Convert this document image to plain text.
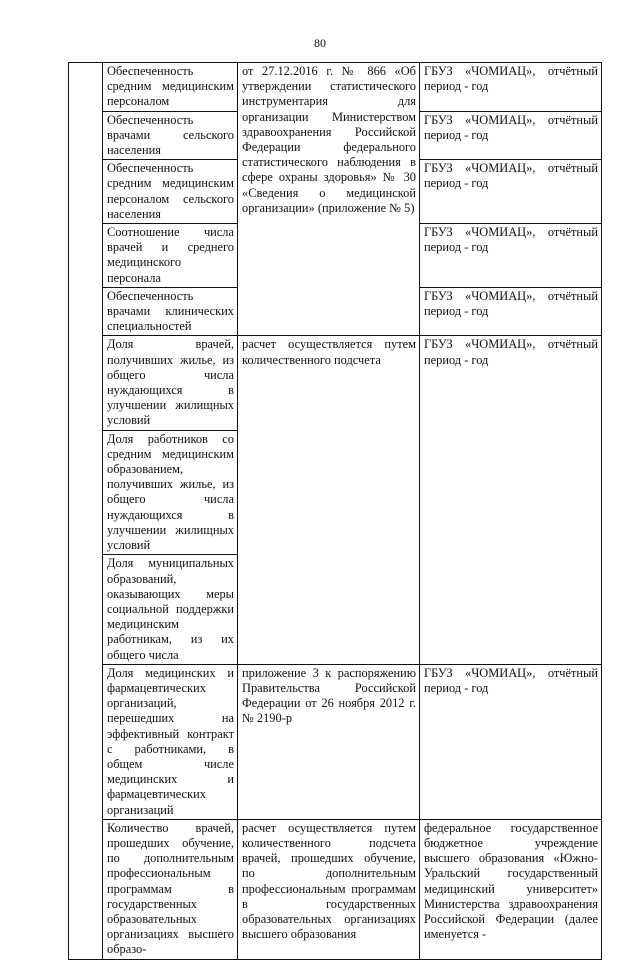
80
	Обеспеченность средним медицинским персоналом	от 27.12.2016 г. № 866 «Об утверждении статистического инструментария для организации Министерством здравоохранения Российской Федерации федерального статистического наблюдения в сфере охраны здоровья» № 30 «Сведения о медицинской организации» (приложение № 5)	ГБУЗ «ЧОМИАЦ», отчётный период - год
	Обеспеченность врачами сельского населения		ГБУЗ «ЧОМИАЦ», отчётный период - год
	Обеспеченность средним медицинским персоналом сельского населения		ГБУЗ «ЧОМИАЦ», отчётный период - год
	Соотношение числа врачей и среднего медицинского персонала		ГБУЗ «ЧОМИАЦ», отчётный период - год
	Обеспеченность врачами клинических специальностей		ГБУЗ «ЧОМИАЦ», отчётный период - год
	Доля врачей, получивших жилье, из общего числа нуждающихся в улучшении жилищных условий	расчет осуществляется путем количественного подсчета	ГБУЗ «ЧОМИАЦ», отчётный период - год
	Доля работников со средним медицинским образованием, получивших жилье, из общего числа нуждающихся в улучшении жилищных условий		
	Доля муниципальных образований, оказывающих меры социальной поддержки медицинским работникам, из их общего числа		
	Доля медицинских и фармацевтических организаций, перешедших на эффективный контракт с работниками, в общем числе медицинских и фармацевтических организаций	приложение 3 к распоряжению Правительства Российской Федерации от 26 ноября 2012 г. № 2190-р	ГБУЗ «ЧОМИАЦ», отчётный период - год
	Количество врачей, прошедших обучение, по дополнительным профессиональным программам в государственных образовательных организациях высшего образо-	расчет осуществляется путем количественного подсчета врачей, прошедших обучение, по дополнительным профессиональным программам в государственных образовательных организациях высшего образования	федеральное государственное бюджетное учреждение высшего образования «Южно-Уральский государственный медицинский университет» Министерства здравоохранения Российской Федерации (далее именуется -
